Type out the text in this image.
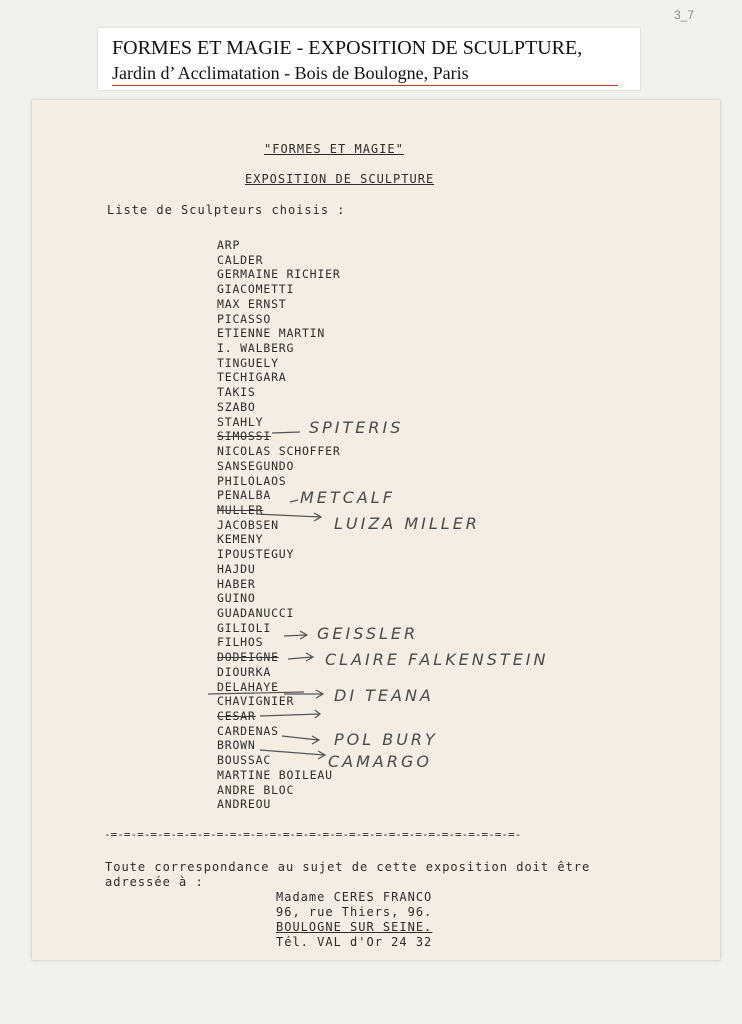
3_7
FORMES ET MAGIE - EXPOSITION DE SCULPTURE,
Jardin d’ Acclimatation - Bois de Boulogne, Paris
"FORMES ET MAGIE"
EXPOSITION DE SCULPTURE
Liste de Sculpteurs choisis :
ARP
CALDER
GERMAINE RICHIER
GIACOMETTI
MAX ERNST
PICASSO
ETIENNE MARTIN
I. WALBERG
TINGUELY
TECHIGARA
TAKIS
SZABO
STAHLY
SIMOSSI
NICOLAS SCHOFFER
SANSEGUNDO
PHILOLAOS
PENALBA
MULLER
JACOBSEN
KEMENY
IPOUSTEGUY
HAJDU
HABER
GUINO
GUADANUCCI
GILIOLI
FILHOS
DODEIGNE
DIOURKA
DELAHAYE
CHAVIGNIER
CESAR
CARDENAS
BROWN
BOUSSAC
MARTINE BOILEAU
ANDRE BLOC
ANDREOU
SPITERIS
METCALF
LUIZA MILLER
GEISSLER
CLAIRE FALKENSTEIN
DI TEANA
POL BURY
CAMARGO
-=-=-=-=-=-=-=-=-=-=-=-=-=-=-=-=-=-=-=-=-=-=-=-=-=-=-=-=-=-=-=-
Toute correspondance au sujet de cette exposition doit être
adressée à :
Madame CERES FRANCO
96, rue Thiers, 96.
BOULOGNE SUR SEINE.
Tél. VAL d'Or 24 32
